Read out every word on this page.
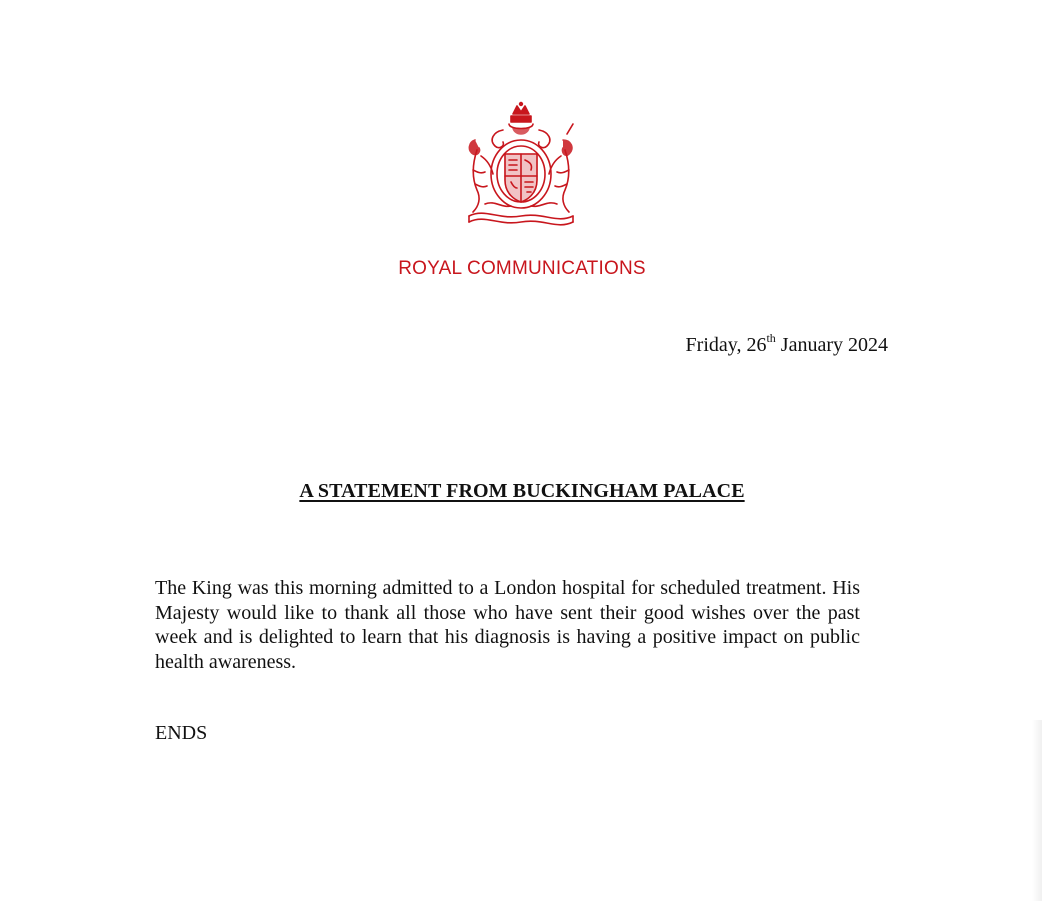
ROYAL COMMUNICATIONS
Friday, 26th January 2024
A STATEMENT FROM BUCKINGHAM PALACE
The King was this morning admitted to a London hospital for scheduled treatment. His Majesty would like to thank all those who have sent their good wishes over the past week and is delighted to learn that his diagnosis is having a positive impact on public health awareness.
ENDS
